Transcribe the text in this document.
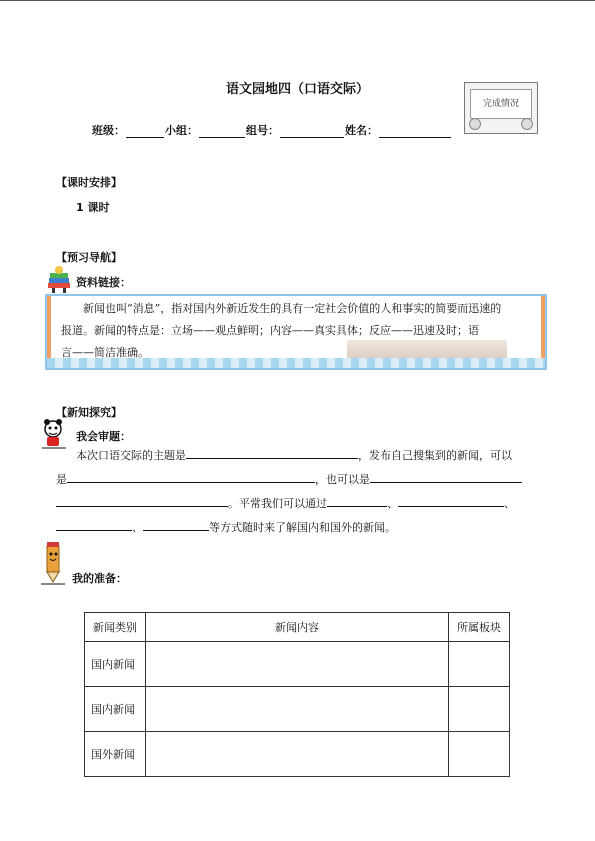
语文园地四（口语交际）
完成情况
班级：	小组：	组号：	姓名：
【课时安排】
1 课时
【预习导航】
资料链接：
新闻也叫“消息”，指对国内外新近发生的具有一定社会价值的人和事实的简要而迅速的
报道。新闻的特点是：立场——观点鲜明；内容——真实具体；反应——迅速及时；语
言——简洁准确。
【新知探究】
我会审题：
本次口语交际的主题是	，发布自己搜集到的新闻，可以
是	，也可以是
。平常我们可以通过	、	、
、	等方式随时来了解国内和国外的新闻。
我的准备：
新闻类别	新闻内容	所属板块
国内新闻		
国内新闻		
国外新闻		
